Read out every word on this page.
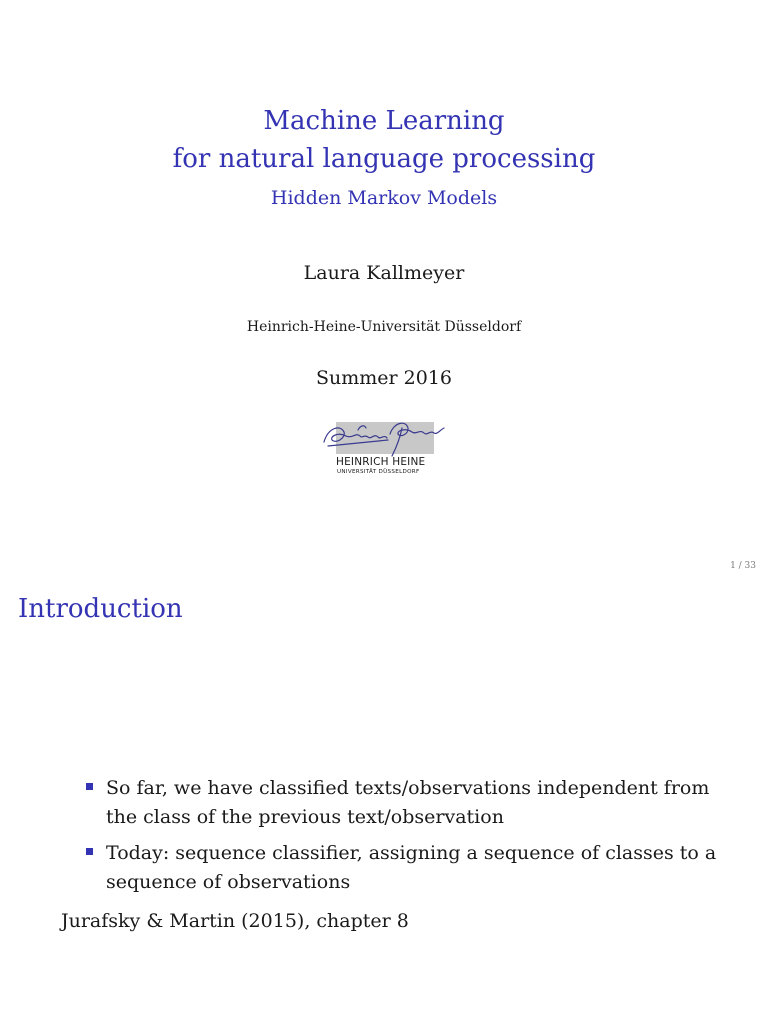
Machine Learning
for natural language processing
Hidden Markov Models
Laura Kallmeyer
Heinrich-Heine-Universität Düsseldorf
Summer 2016
HEINRICH HEINE
UNIVERSITÄT DÜSSELDORF
1 / 33
Introduction
So far, we have classified texts/observations independent from the class of the previous text/observation
Today: sequence classifier, assigning a sequence of classes to a sequence of observations
Jurafsky & Martin (2015), chapter 8
